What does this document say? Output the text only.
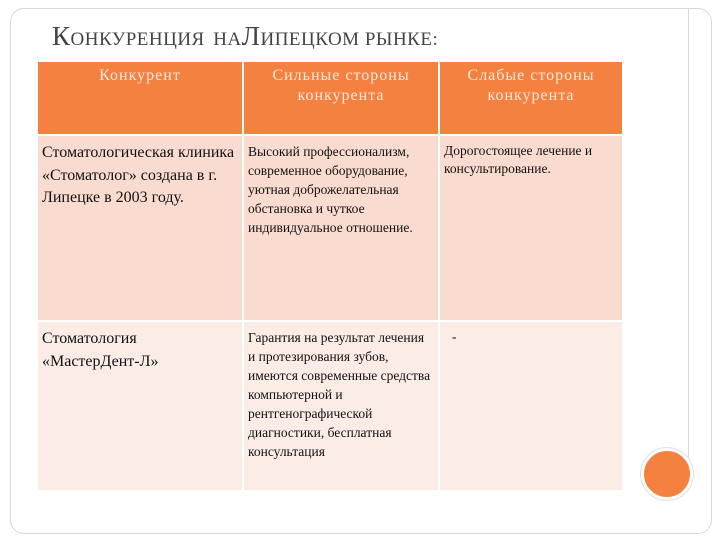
КОНКУРЕНЦИЯ НАЛИПЕЦКОМ РЫНКЕ:
Конкурент	Сильные стороны конкурента	Слабые стороны конкурента
Стоматологическая клиника «Стоматолог» создана в г. Липецке в 2003 году.	Высокий профессионализм, современное оборудование, уютная доброжелательная обстановка и чуткое индивидуальное отношение.	Дорогостоящее лечение и консультирование.
Стоматология «МастерДент-Л»	Гарантия на результат лечения и протезирования зубов, имеются современные средства компьютерной и рентгенографической диагностики, бесплатная консультация	-
